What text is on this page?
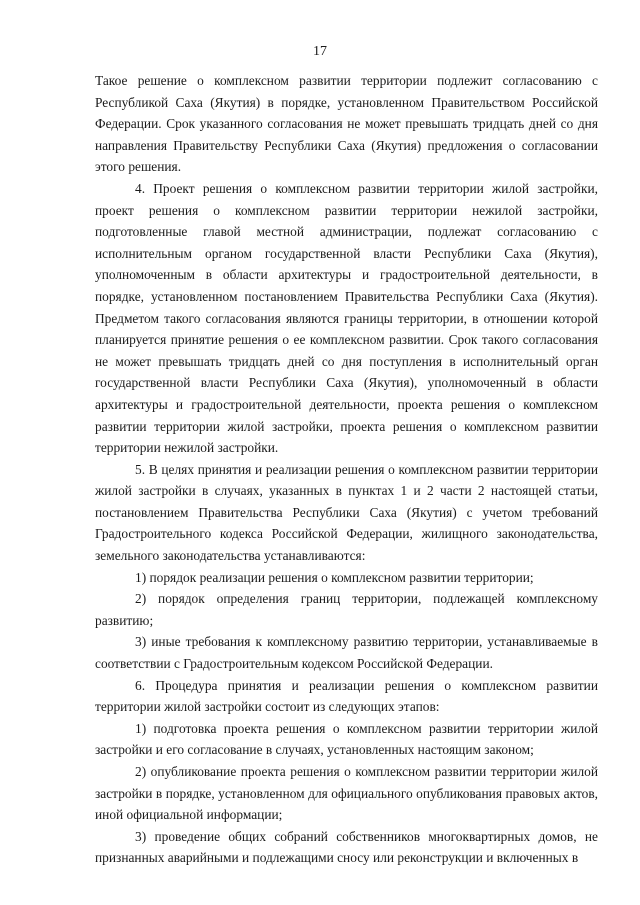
17

Такое решение о комплексном развитии территории подлежит согласованию с Республикой Саха (Якутия) в порядке, установленном Правительством Российской Федерации. Срок указанного согласования не может превышать тридцать дней со дня направления Правительству Республики Саха (Якутия) предложения о согласовании этого решения.

4. Проект решения о комплексном развитии территории жилой застройки, проект решения о комплексном развитии территории нежилой застройки, подготовленные главой местной администрации, подлежат согласованию с исполнительным органом государственной власти Республики Саха (Якутия), уполномоченным в области архитектуры и градостроительной деятельности, в порядке, установленном постановлением Правительства Республики Саха (Якутия). Предметом такого согласования являются границы территории, в отношении которой планируется принятие решения о ее комплексном развитии. Срок такого согласования не может превышать тридцать дней со дня поступления в исполнительный орган государственной власти Республики Саха (Якутия), уполномоченный в области архитектуры и градостроительной деятельности, проекта решения о комплексном развитии территории жилой застройки, проекта решения о комплексном развитии территории нежилой застройки.

5. В целях принятия и реализации решения о комплексном развитии территории жилой застройки в случаях, указанных в пунктах 1 и 2 части 2 настоящей статьи, постановлением Правительства Республики Саха (Якутия) с учетом требований Градостроительного кодекса Российской Федерации, жилищного законодательства, земельного законодательства устанавливаются:

1) порядок реализации решения о комплексном развитии территории;

2) порядок определения границ территории, подлежащей комплексному развитию;

3) иные требования к комплексному развитию территории, устанавливаемые в соответствии с Градостроительным кодексом Российской Федерации.

6. Процедура принятия и реализации решения о комплексном развитии территории жилой застройки состоит из следующих этапов:

1) подготовка проекта решения о комплексном развитии территории жилой застройки и его согласование в случаях, установленных настоящим законом;

2) опубликование проекта решения о комплексном развитии территории жилой застройки в порядке, установленном для официального опубликования правовых актов, иной официальной информации;

3) проведение общих собраний собственников многоквартирных домов, не признанных аварийными и подлежащими сносу или реконструкции и включенных в
